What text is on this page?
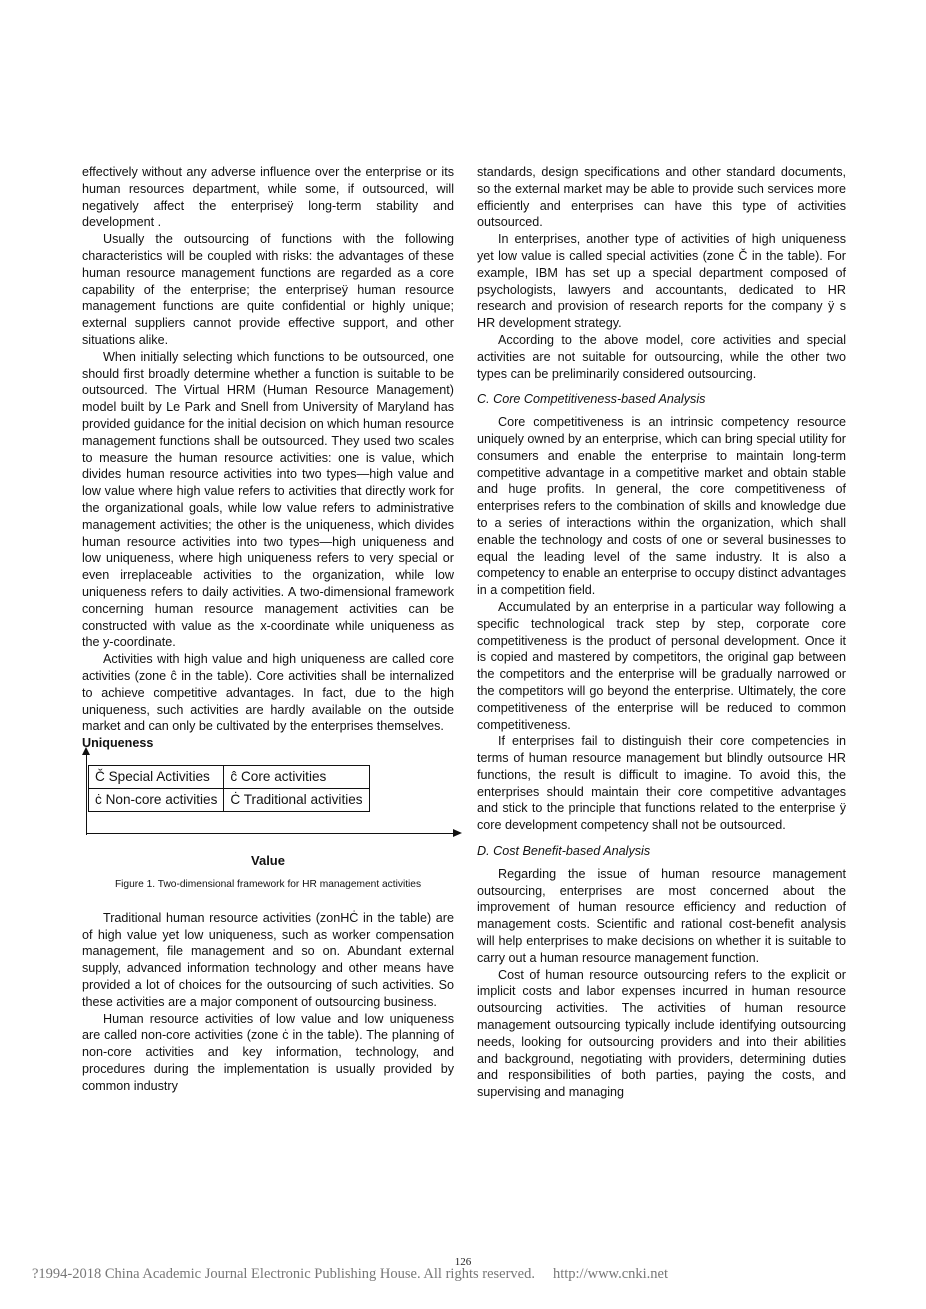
effectively without any adverse influence over the enterprise or its human resources department, while some, if outsourced, will negatively affect the enterpriseÿ long-term stability and development .

Usually the outsourcing of functions with the following characteristics will be coupled with risks: the advantages of these human resource management functions are regarded as a core capability of the enterprise; the enterpriseÿ human resource management functions are quite confidential or highly unique; external suppliers cannot provide effective support, and other situations alike.

When initially selecting which functions to be outsourced, one should first broadly determine whether a function is suitable to be outsourced. The Virtual HRM (Human Resource Management) model built by Le Park and Snell from University of Maryland has provided guidance for the initial decision on which human resource management functions shall be outsourced. They used two scales to measure the human resource activities: one is value, which divides human resource activities into two types—high value and low value where high value refers to activities that directly work for the organizational goals, while low value refers to administrative management activities; the other is the uniqueness, which divides human resource activities into two types—high uniqueness and low uniqueness, where high uniqueness refers to very special or even irreplaceable activities to the organization, while low uniqueness refers to daily activities. A two-dimensional framework concerning human resource management activities can be constructed with value as the x-coordinate while uniqueness as the y-coordinate.

Activities with high value and high uniqueness are called core activities (zone ĉ in the table). Core activities shall be internalized to achieve competitive advantages. In fact, due to the high uniqueness, such activities are hardly available on the outside market and can only be cultivated by the enterprises themselves.

Uniqueness
Č Special Activities	ĉ Core activities
ċ Non-core activities	Ċ Traditional activities
Value
Figure 1. Two-dimensional framework for HR management activities

Traditional human resource activities (zonHĊ in the table) are of high value yet low uniqueness, such as worker compensation management, file management and so on. Abundant external supply, advanced information technology and other means have provided a lot of choices for the outsourcing of such activities. So these activities are a major component of outsourcing business.

Human resource activities of low value and low uniqueness are called non-core activities (zone ċ in the table). The planning of non-core activities and key information, technology, and procedures during the implementation is usually provided by common industry

standards, design specifications and other standard documents, so the external market may be able to provide such services more efficiently and enterprises can have this type of activities outsourced.

In enterprises, another type of activities of high uniqueness yet low value is called special activities (zone Č in the table). For example, IBM has set up a special department composed of psychologists, lawyers and accountants, dedicated to HR research and provision of research reports for the company ÿ s HR development strategy.

According to the above model, core activities and special activities are not suitable for outsourcing, while the other two types can be preliminarily considered outsourcing.

C. Core Competitiveness-based Analysis

Core competitiveness is an intrinsic competency resource uniquely owned by an enterprise, which can bring special utility for consumers and enable the enterprise to maintain long-term competitive advantage in a competitive market and obtain stable and huge profits. In general, the core competitiveness of enterprises refers to the combination of skills and knowledge due to a series of interactions within the organization, which shall enable the technology and costs of one or several businesses to equal the leading level of the same industry. It is also a competency to enable an enterprise to occupy distinct advantages in a competition field.

Accumulated by an enterprise in a particular way following a specific technological track step by step, corporate core competitiveness is the product of personal development. Once it is copied and mastered by competitors, the original gap between the competitors and the enterprise will be gradually narrowed or the competitors will go beyond the enterprise. Ultimately, the core competitiveness of the enterprise will be reduced to common competitiveness.

If enterprises fail to distinguish their core competencies in terms of human resource management but blindly outsource HR functions, the result is difficult to imagine. To avoid this, the enterprises should maintain their core competitive advantages and stick to the principle that functions related to the enterprise ÿ core development competency shall not be outsourced.

D. Cost Benefit-based Analysis

Regarding the issue of human resource management outsourcing, enterprises are most concerned about the improvement of human resource efficiency and reduction of management costs. Scientific and rational cost-benefit analysis will help enterprises to make decisions on whether it is suitable to carry out a human resource management function.

Cost of human resource outsourcing refers to the explicit or implicit costs and labor expenses incurred in human resource outsourcing activities. The activities of human resource management outsourcing typically include identifying outsourcing needs, looking for outsourcing providers and into their abilities and background, negotiating with providers, determining duties and responsibilities of both parties, paying the costs, and supervising and managing

126
?1994-2018 China Academic Journal Electronic Publishing House. All rights reserved. http://www.cnki.net
